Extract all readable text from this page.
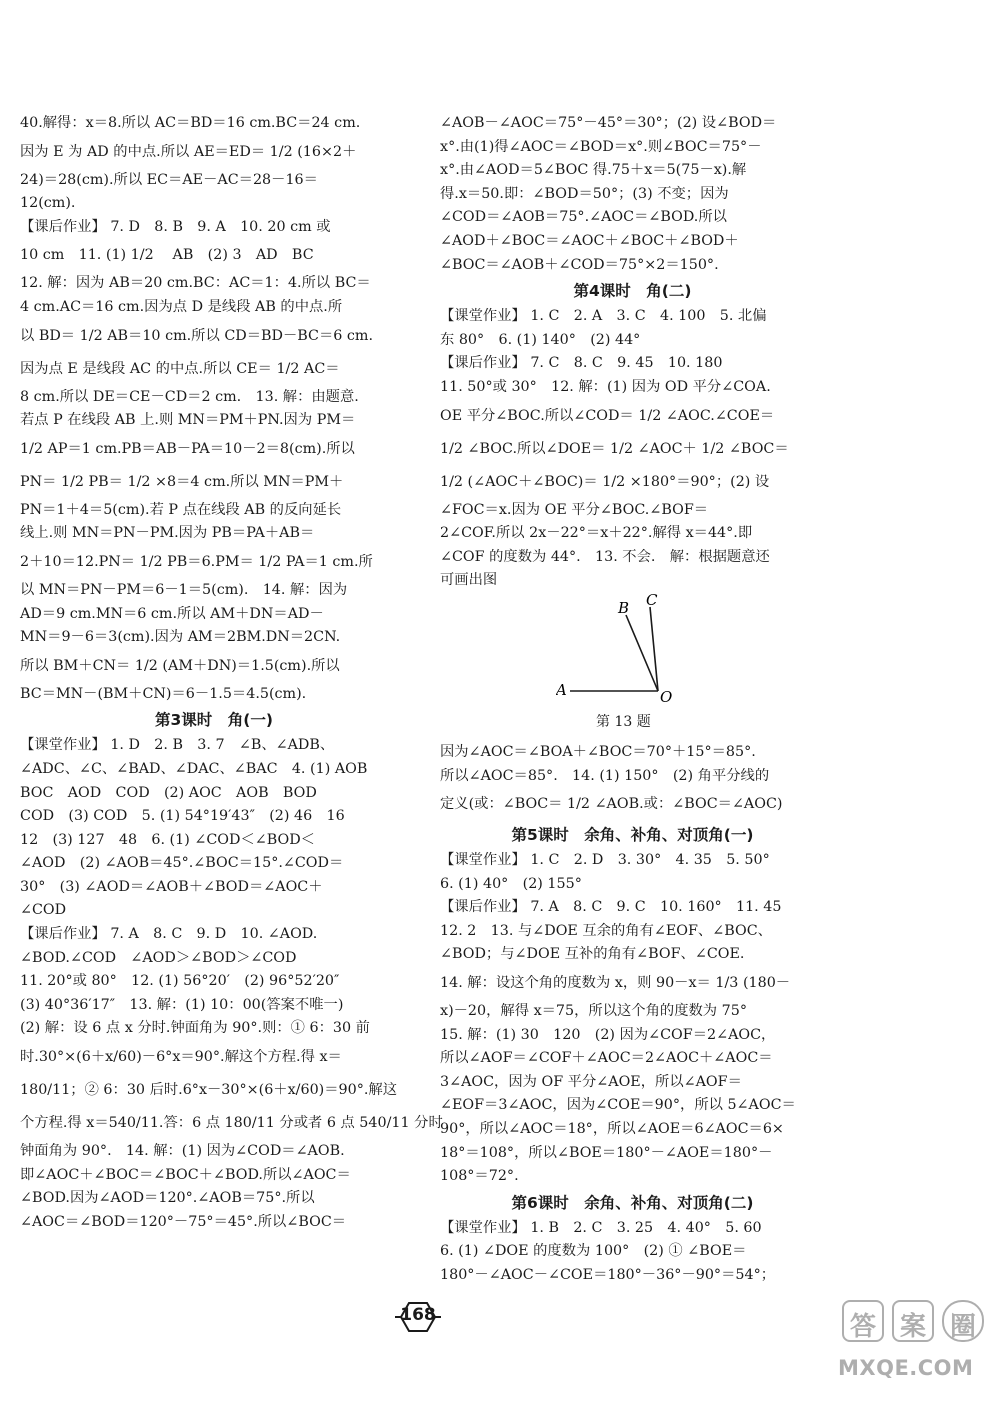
40.解得：x＝8.所以 AC＝BD＝16 cm.BC＝24 cm.
因为 E 为 AD 的中点.所以 AE＝ED＝ 1/2 (16×2＋
24)＝28(cm).所以 EC＝AE－AC＝28－16＝
12(cm).
【课后作业】 7. D　8. B　9. A　10. 20 cm 或
10 cm　11. (1) 1/2 　AB　(2) 3　AD　BC
12. 解：因为 AB＝20 cm.BC：AC＝1：4.所以 BC＝
4 cm.AC＝16 cm.因为点 D 是线段 AB 的中点.所
以 BD＝ 1/2 AB＝10 cm.所以 CD＝BD－BC＝6 cm.
因为点 E 是线段 AC 的中点.所以 CE＝ 1/2 AC＝
8 cm.所以 DE＝CE－CD＝2 cm.　13. 解：由题意.
若点 P 在线段 AB 上.则 MN＝PM＋PN.因为 PM＝
1/2 AP＝1 cm.PB＝AB－PA＝10－2＝8(cm).所以
PN＝ 1/2 PB＝ 1/2 ×8＝4 cm.所以 MN＝PM＋
PN＝1＋4＝5(cm).若 P 点在线段 AB 的反向延长
线上.则 MN＝PN－PM.因为 PB＝PA＋AB＝
2＋10＝12.PN＝ 1/2 PB＝6.PM＝ 1/2 PA＝1 cm.所
以 MN＝PN－PM＝6－1＝5(cm).　14. 解：因为
AD＝9 cm.MN＝6 cm.所以 AM＋DN＝AD－
MN＝9－6＝3(cm).因为 AM＝2BM.DN＝2CN.
所以 BM＋CN＝ 1/2 (AM＋DN)＝1.5(cm).所以
BC＝MN－(BM＋CN)＝6－1.5＝4.5(cm).
第3课时　角(一)
【课堂作业】 1. D　2. B　3. 7　∠B、∠ADB、
∠ADC、∠C、∠BAD、∠DAC、∠BAC　4. (1) AOB
BOC　AOD　COD　(2) AOC　AOB　BOD
COD　(3) COD　5. (1) 54°19′43″　(2) 46　16
12　(3) 127　48　6. (1) ∠COD＜∠BOD＜
∠AOD　(2) ∠AOB＝45°.∠BOC＝15°.∠COD＝
30°　(3) ∠AOD＝∠AOB＋∠BOD＝∠AOC＋
∠COD
【课后作业】 7. A　8. C　9. D　10. ∠AOD.
∠BOD.∠COD　∠AOD＞∠BOD＞∠COD
11. 20°或 80°　12. (1) 56°20′　(2) 96°52′20″
(3) 40°36′17″　13. 解：(1) 10：00(答案不唯一)
(2) 解：设 6 点 x 分时.钟面角为 90°.则：① 6：30 前
时.30°×(6＋x/60)－6°x＝90°.解这个方程.得 x＝
180/11；② 6：30 后时.6°x－30°×(6＋x/60)＝90°.解这
个方程.得 x＝540/11.答：6 点 180/11 分或者 6 点 540/11 分时
钟面角为 90°.　14. 解：(1) 因为∠COD＝∠AOB.
即∠AOC＋∠BOC＝∠BOC＋∠BOD.所以∠AOC＝
∠BOD.因为∠AOD＝120°.∠AOB＝75°.所以
∠AOC＝∠BOD＝120°－75°＝45°.所以∠BOC＝
∠AOB－∠AOC＝75°－45°＝30°；(2) 设∠BOD＝
x°.由(1)得∠AOC＝∠BOD＝x°.则∠BOC＝75°－
x°.由∠AOD＝5∠BOC 得.75＋x＝5(75－x).解
得.x＝50.即：∠BOD＝50°；(3) 不变；因为
∠COD＝∠AOB＝75°.∠AOC＝∠BOD.所以
∠AOD＋∠BOC＝∠AOC＋∠BOC＋∠BOD＋
∠BOC＝∠AOB＋∠COD＝75°×2＝150°.
第4课时　角(二)
【课堂作业】 1. C　2. A　3. C　4. 100　5. 北偏
东 80°　6. (1) 140°　(2) 44°
【课后作业】 7. C　8. C　9. 45　10. 180
11. 50°或 30°　12. 解：(1) 因为 OD 平分∠COA.
OE 平分∠BOC.所以∠COD＝ 1/2 ∠AOC.∠COE＝
1/2 ∠BOC.所以∠DOE＝ 1/2 ∠AOC＋ 1/2 ∠BOC＝
1/2 (∠AOC＋∠BOC)＝ 1/2 ×180°＝90°；(2) 设
∠FOC＝x.因为 OE 平分∠BOC.∠BOF＝
2∠COF.所以 2x－22°＝x＋22°.解得 x＝44°.即
∠COF 的度数为 44°.　13. 不会.　解：根据题意还
可画出图
A
B C
O
第 13 题
因为∠AOC＝∠BOA＋∠BOC＝70°＋15°＝85°.
所以∠AOC＝85°.　14. (1) 150°　(2) 角平分线的
定义(或：∠BOC＝ 1/2 ∠AOB.或：∠BOC＝∠AOC)
第5课时　余角、补角、对顶角(一)
【课堂作业】 1. C　2. D　3. 30°　4. 35　5. 50°
6. (1) 40°　(2) 155°
【课后作业】 7. A　8. C　9. C　10. 160°　11. 45
12. 2　13. 与∠DOE 互余的角有∠EOF、∠BOC、
∠BOD；与∠DOE 互补的角有∠BOF、∠COE.
14. 解：设这个角的度数为 x，则 90－x＝ 1/3 (180－
x)－20，解得 x＝75，所以这个角的度数为 75°
15. 解：(1) 30　120　(2) 因为∠COF＝2∠AOC，
所以∠AOF＝∠COF＋∠AOC＝2∠AOC＋∠AOC＝
3∠AOC，因为 OF 平分∠AOE，所以∠AOF＝
∠EOF＝3∠AOC，因为∠COE＝90°，所以 5∠AOC＝
90°，所以∠AOC＝18°，所以∠AOE＝6∠AOC＝6×
18°＝108°，所以∠BOE＝180°－∠AOE＝180°－
108°＝72°.
第6课时　余角、补角、对顶角(二)
【课堂作业】 1. B　2. C　3. 25　4. 40°　5. 60
6. (1) ∠DOE 的度数为 100°　(2) ① ∠BOE＝
180°－∠AOC－∠COE＝180°－36°－90°＝54°；
168	答 案 圈
MXQE.COM
